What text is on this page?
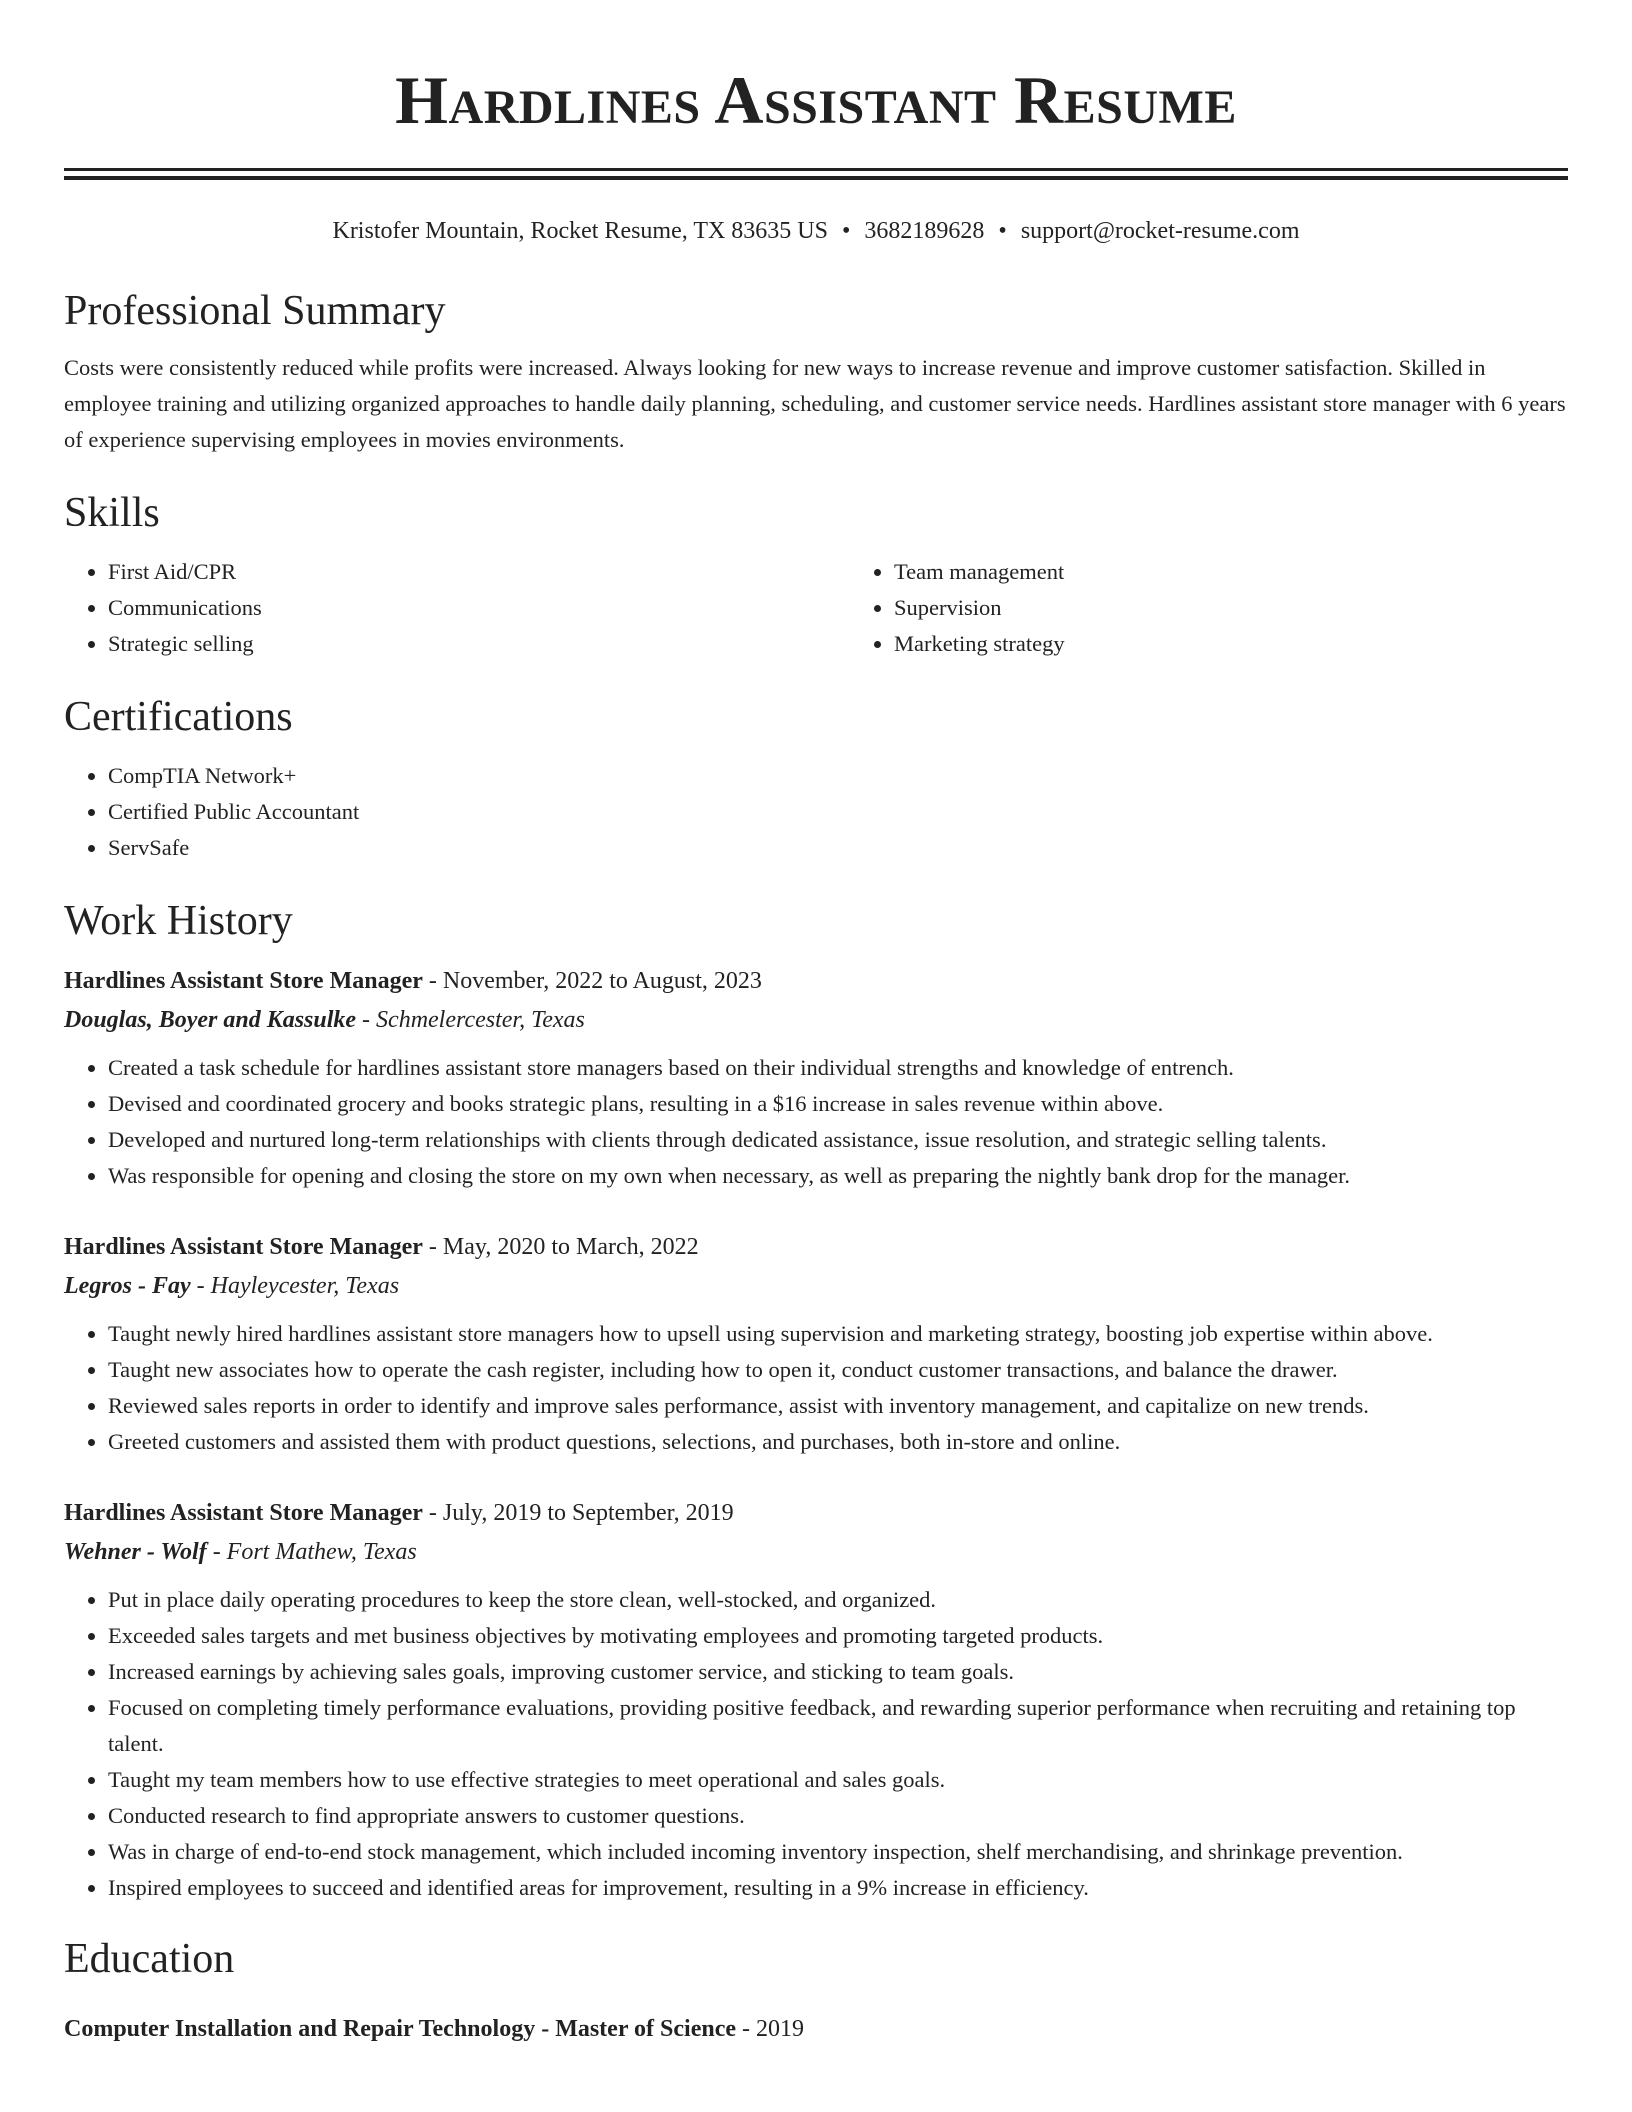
Hardlines Assistant Resume
Kristofer Mountain, Rocket Resume, TX 83635 US • 3682189628 • support@rocket-resume.com
Professional Summary

Costs were consistently reduced while profits were increased. Always looking for new ways to increase revenue and improve customer satisfaction. Skilled in employee training and utilizing organized approaches to handle daily planning, scheduling, and customer service needs. Hardlines assistant store manager with 6 years of experience supervising employees in movies environments.

Skills
• First Aid/CPR
• Communications
• Strategic selling
• Team management
• Supervision
• Marketing strategy
Certifications
• CompTIA Network+
• Certified Public Accountant
• ServSafe
Work History
Hardlines Assistant Store Manager - November, 2022 to August, 2023
Douglas, Boyer and Kassulke - Schmelercester, Texas
• Created a task schedule for hardlines assistant store managers based on their individual strengths and knowledge of entrench.
• Devised and coordinated grocery and books strategic plans, resulting in a $16 increase in sales revenue within above.
• Developed and nurtured long-term relationships with clients through dedicated assistance, issue resolution, and strategic selling talents.
• Was responsible for opening and closing the store on my own when necessary, as well as preparing the nightly bank drop for the manager.
Hardlines Assistant Store Manager - May, 2020 to March, 2022
Legros - Fay - Hayleycester, Texas
• Taught newly hired hardlines assistant store managers how to upsell using supervision and marketing strategy, boosting job expertise within above.
• Taught new associates how to operate the cash register, including how to open it, conduct customer transactions, and balance the drawer.
• Reviewed sales reports in order to identify and improve sales performance, assist with inventory management, and capitalize on new trends.
• Greeted customers and assisted them with product questions, selections, and purchases, both in-store and online.
Hardlines Assistant Store Manager - July, 2019 to September, 2019
Wehner - Wolf - Fort Mathew, Texas
• Put in place daily operating procedures to keep the store clean, well-stocked, and organized.
• Exceeded sales targets and met business objectives by motivating employees and promoting targeted products.
• Increased earnings by achieving sales goals, improving customer service, and sticking to team goals.
• Focused on completing timely performance evaluations, providing positive feedback, and rewarding superior performance when recruiting and retaining top talent.
• Taught my team members how to use effective strategies to meet operational and sales goals.
• Conducted research to find appropriate answers to customer questions.
• Was in charge of end-to-end stock management, which included incoming inventory inspection, shelf merchandising, and shrinkage prevention.
• Inspired employees to succeed and identified areas for improvement, resulting in a 9% increase in efficiency.
Education
Computer Installation and Repair Technology - Master of Science - 2019
